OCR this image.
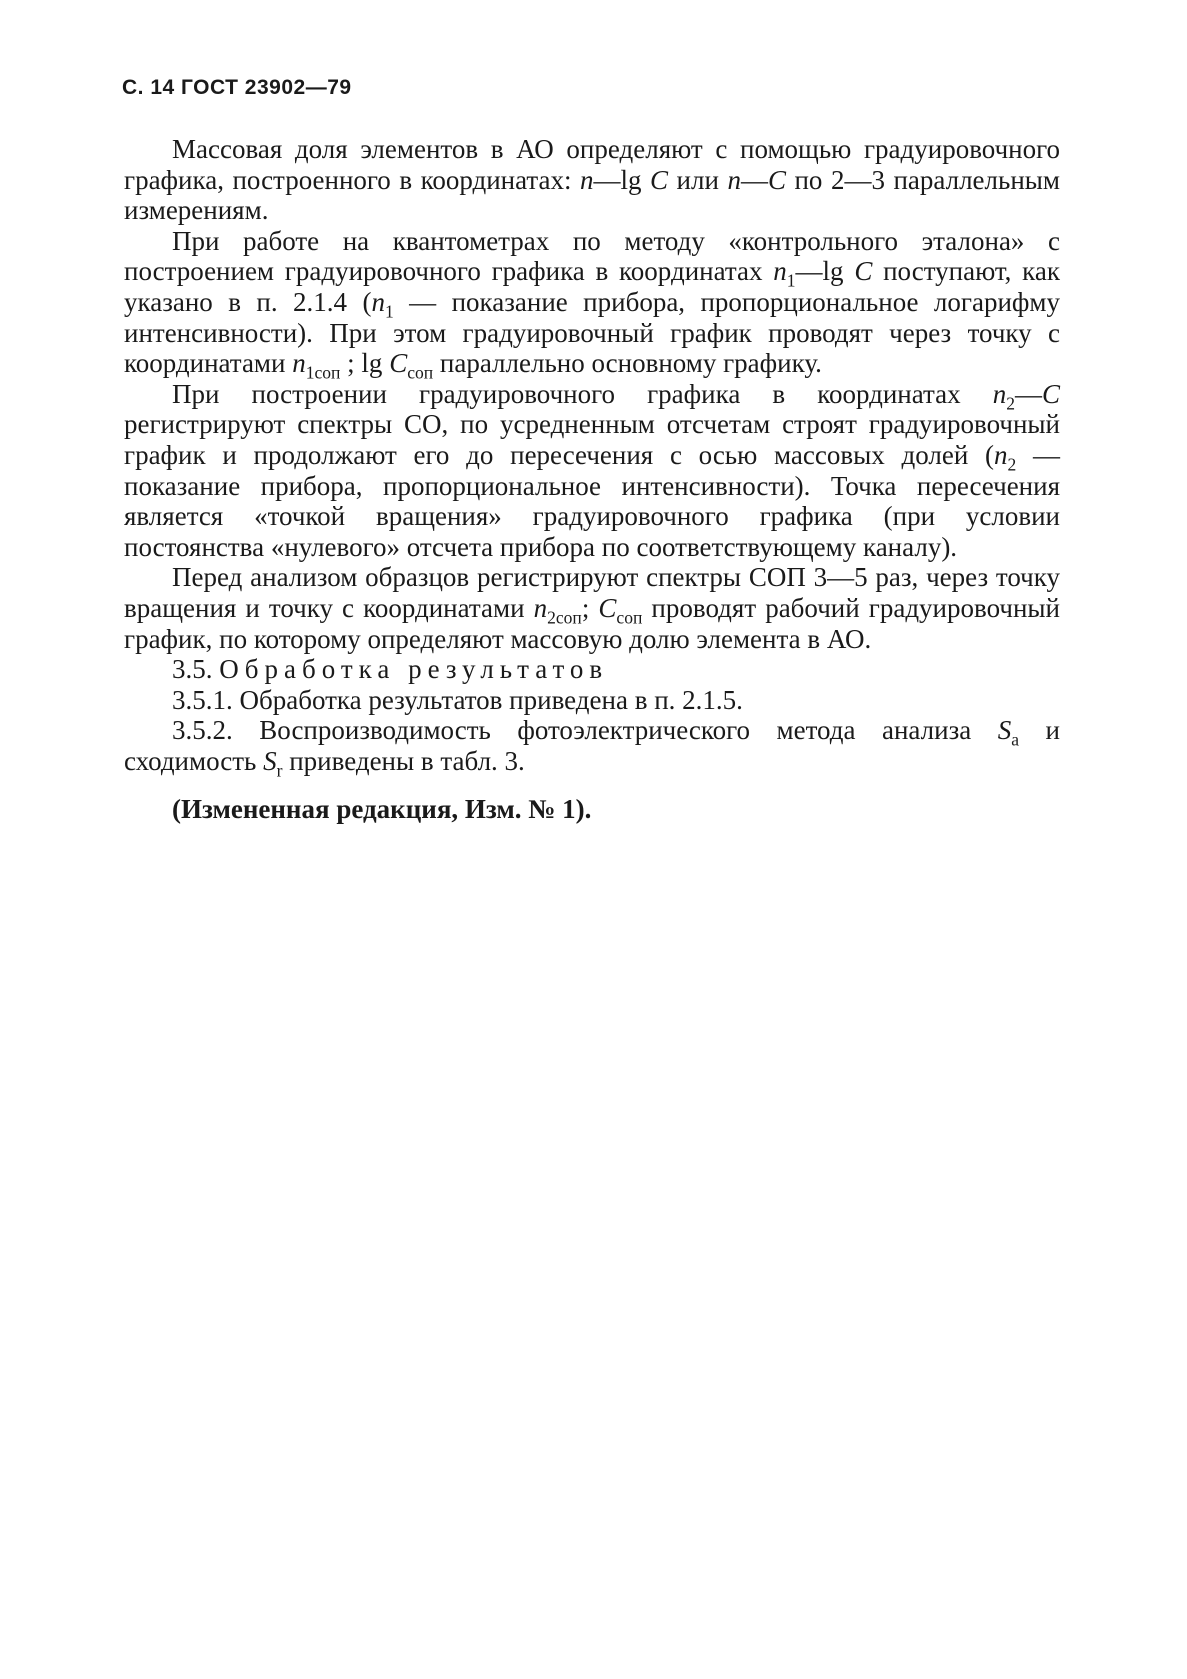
С. 14 ГОСТ 23902—79

Массовая доля элементов в АО определяют с помощью градуировочного графика, построенного в координатах: n—lg C или n—C по 2—3 параллельным измерениям.

При работе на квантометрах по методу «контрольного эталона» с построением градуировочного графика в координатах $n_1—\lg$ C поступают, как указано в п. 2.1.4 ($n_1$ — показание прибора, пропорциональное логарифму интенсивности). При этом градуировочный график проводят через точку с координатами $n_{1соп}$ ; $\lg C_{соп}$ параллельно основному графику.

При построении градуировочного графика в координатах $n_2—C$ регистрируют спектры СО, по усредненным отсчетам строят градуировочный график и продолжают его до пересечения с осью массовых долей ($n_2$ — показание прибора, пропорциональное интенсивности). Точка пересечения является «точкой вращения» градуировочного графика (при условии постоянства «нулевого» отсчета прибора по соответствующему каналу).

Перед анализом образцов регистрируют спектры СОП 3—5 раз, через точку вращения и точку с координатами $n_{2соп}$; $C_{соп}$ проводят рабочий градуировочный график, по которому определяют массовую долю элемента в АО.

3.5. Обработка результатов

3.5.1. Обработка результатов приведена в п. 2.1.5.

3.5.2. Воспроизводимость фотоэлектрического метода анализа $S_a$ и сходимость $S_r$ приведены в табл. 3.

(Измененная редакция, Изм. № 1).
